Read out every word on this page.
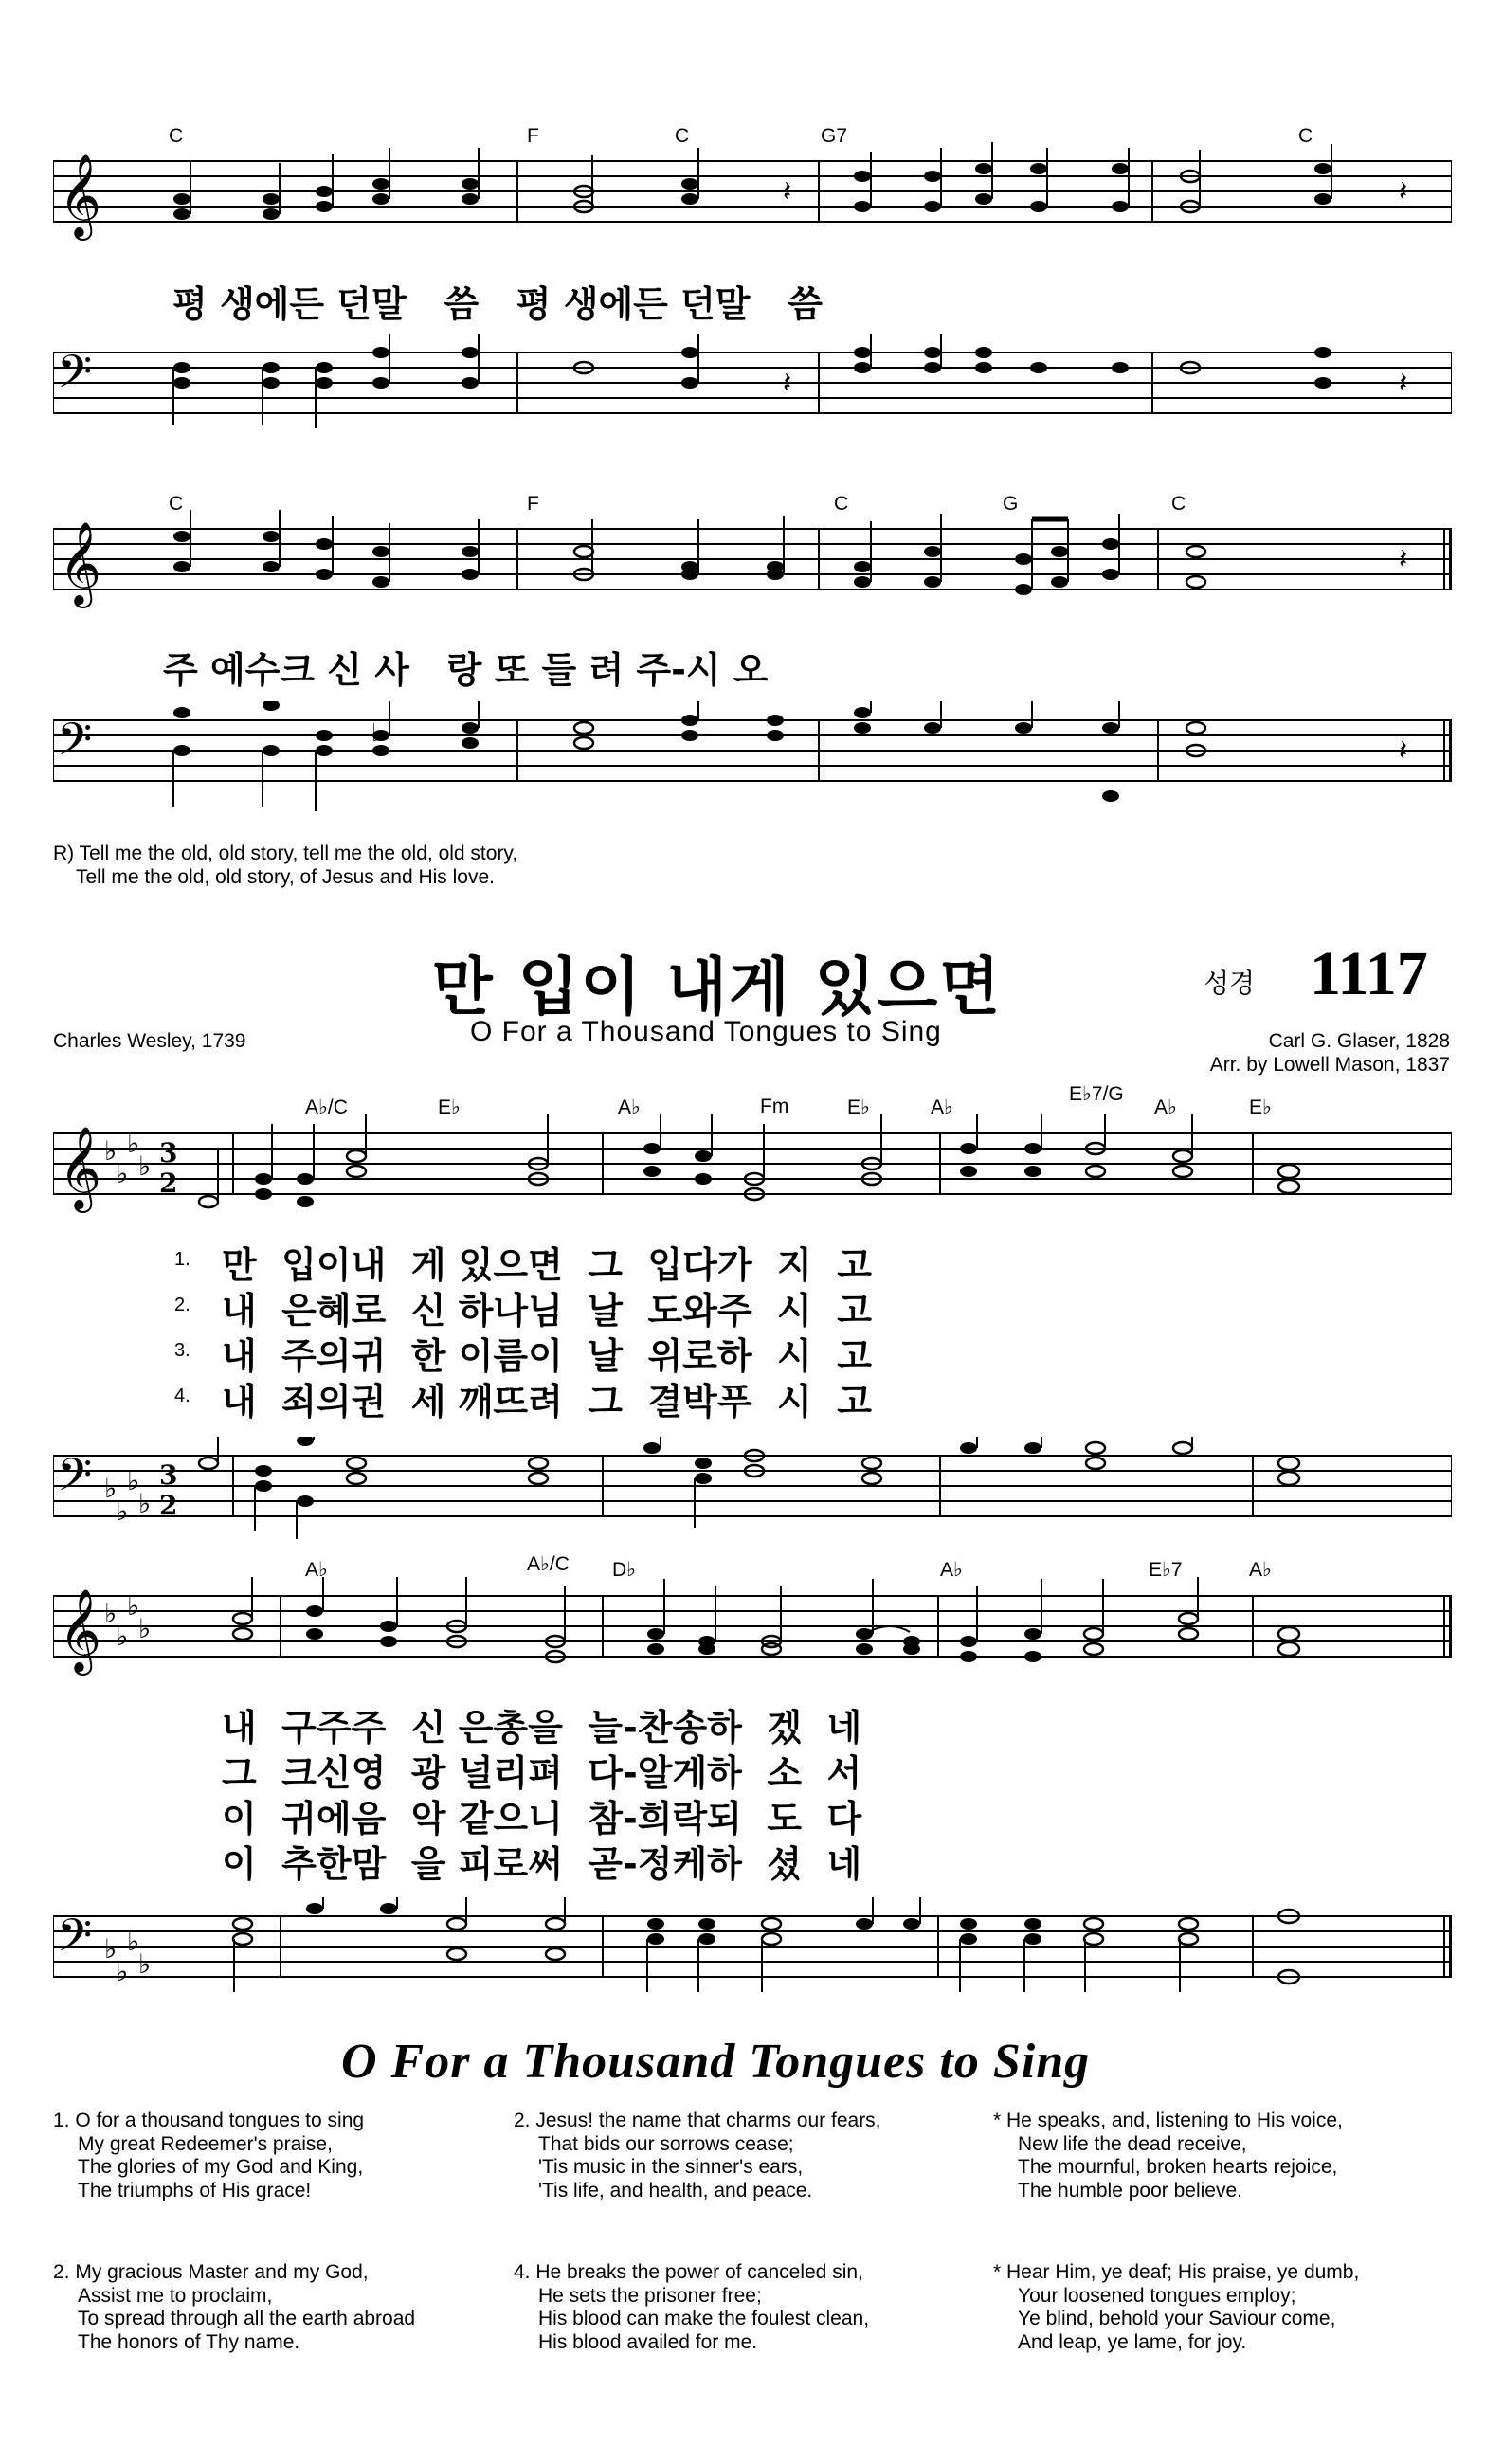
C	F	C	G7	C
𝄞	𝄽	𝄽
평 생에든 던말   씀   평 생에든 던말   씀
𝄢	𝄽	𝄽
C	F	C	G	C
𝄞	𝄽
주 예수크 신 사   랑 또 들 려 주-시 오
𝄢	♭
𝄽
R) Tell me the old, old story, tell me the old, old story,
Tell me the old, old story, of Jesus and His love.
만 입이 내게 있으면	성경 1117
Charles Wesley, 1739	O For a Thousand Tongues to Sing	Carl G. Glaser, 1828
Arr. by Lowell Mason, 1837
A♭/C	E♭	A♭	Fm	E♭	A♭
E♭7/G
A♭	E♭
𝄞 ♭
♭
♭
♭ 3
2
1. 만  입이내  게 있으면  그  입다가  지  고
2. 내  은혜로  신 하나님  날  도와주  시  고
3. 내  주의귀  한 이름이  날  위로하  시  고
4. 내  죄의권  세 깨뜨려  그  결박푸  시  고
𝄢 ♭
♭
♭
♭
3
2
A♭	A♭/C D♭	A♭	E♭7	A♭
𝄞 ♭
♭
♭
♭
내  구주주  신 은총을  늘-찬송하  겠  네
그  크신영  광 널리펴  다-알게하  소  서
이  귀에음  악 같으니  참-희락되  도  다
이  추한맘  을 피로써  곧-정케하  셨  네
𝄢 ♭
♭
♭
♭
O For a Thousand Tongues to Sing
1. O for a thousand tongues to sing
My great Redeemer's praise,
The glories of my God and King,
The triumphs of His grace!
2. Jesus! the name that charms our fears,
That bids our sorrows cease;
'Tis music in the sinner's ears,
'Tis life, and health, and peace.
* He speaks, and, listening to His voice,
New life the dead receive,
The mournful, broken hearts rejoice,
The humble poor believe.
2. My gracious Master and my God,
Assist me to proclaim,
To spread through all the earth abroad
The honors of Thy name.
4. He breaks the power of canceled sin,
He sets the prisoner free;
His blood can make the foulest clean,
His blood availed for me.
* Hear Him, ye deaf; His praise, ye dumb,
Your loosened tongues employ;
Ye blind, behold your Saviour come,
And leap, ye lame, for joy.
